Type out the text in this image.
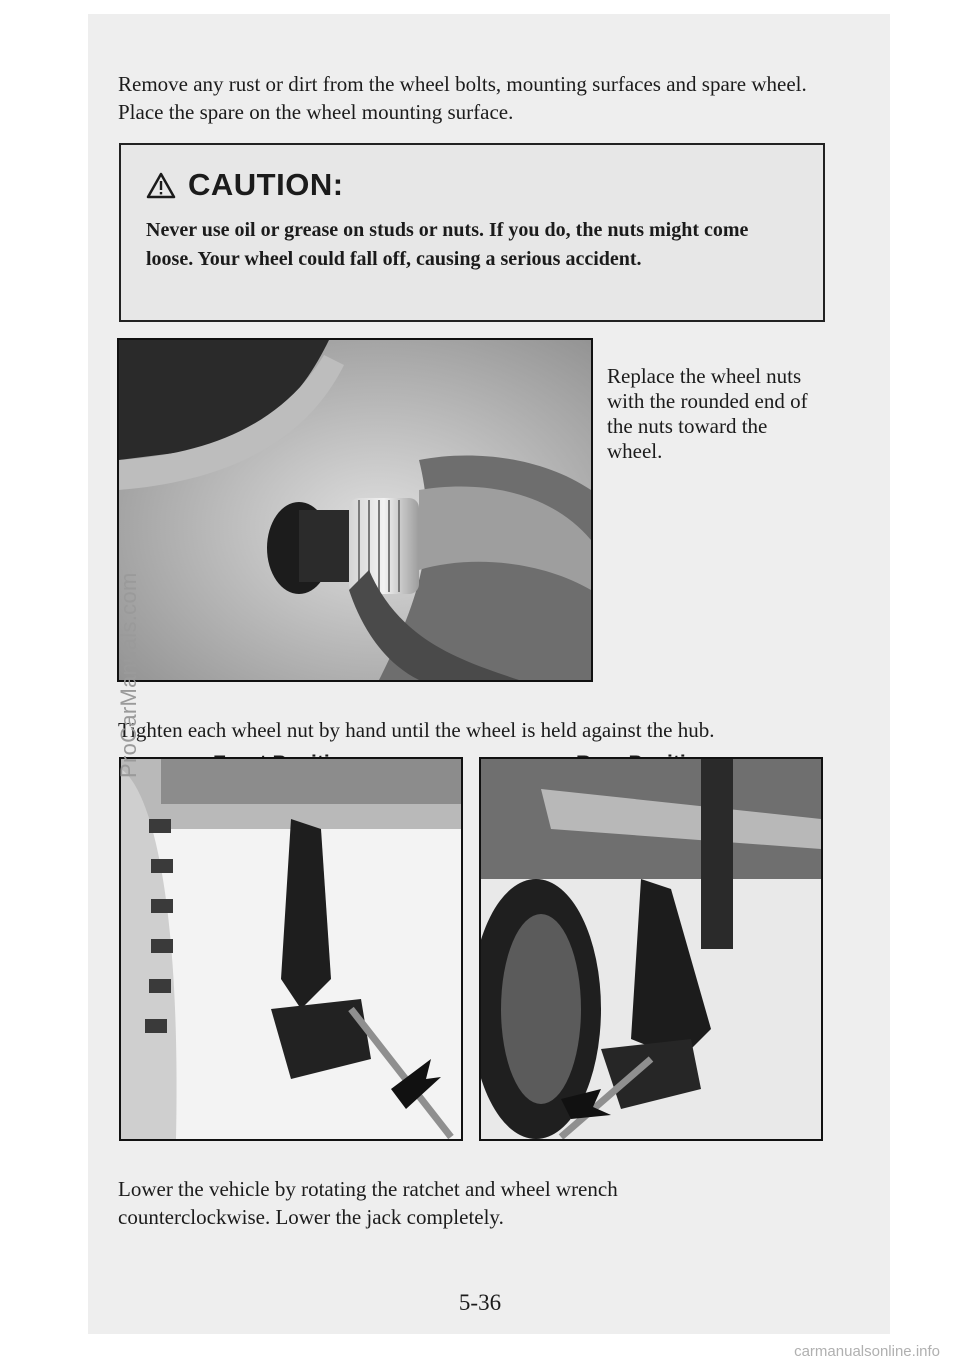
Remove any rust or dirt from the wheel bolts, mounting surfaces and spare wheel. Place the spare on the wheel mounting surface.

CAUTION:
Never use oil or grease on studs or nuts. If you do, the nuts might come loose. Your wheel could fall off, causing a serious accident.

Replace the wheel nuts with the rounded end of the nuts toward the wheel.

Tighten each wheel nut by hand until the wheel is held against the hub.

Lower the vehicle by rotating the ratchet and wheel wrench counterclockwise. Lower the jack completely.

5-36
ProCarManuals.com
carmanualsonline.info
